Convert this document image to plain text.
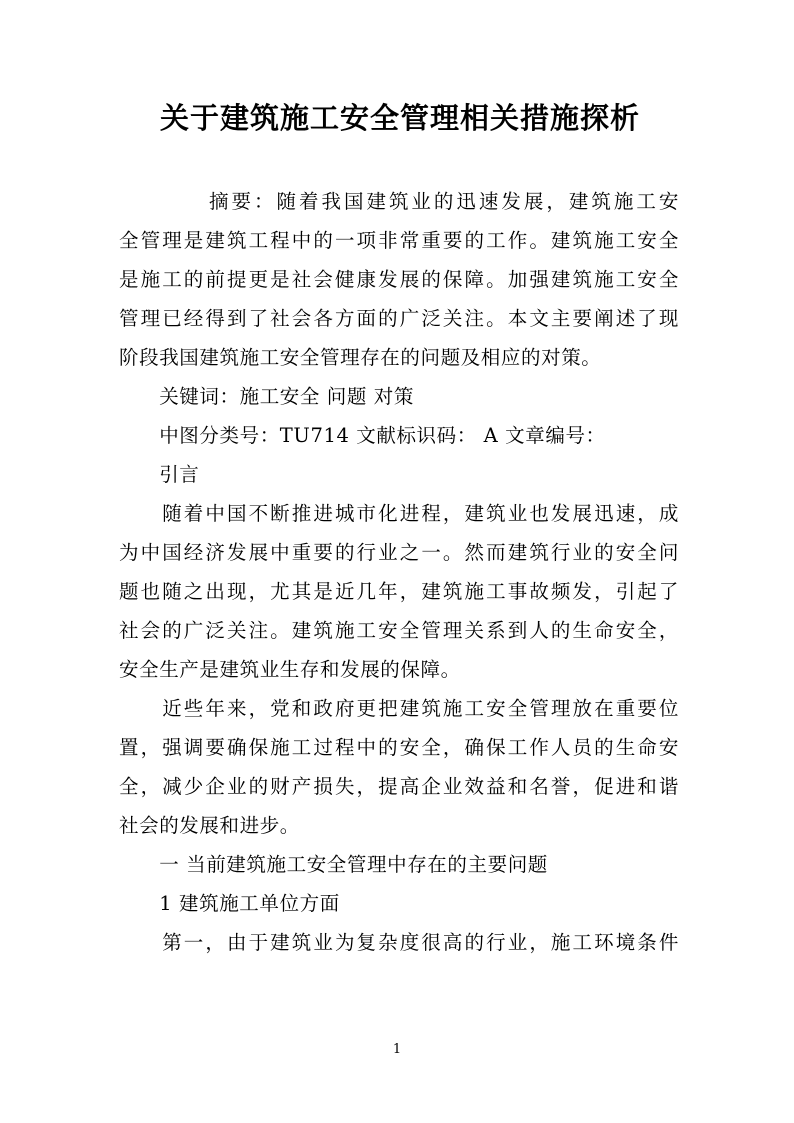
关于建筑施工安全管理相关措施探析
　　　　摘要：随着我国建筑业的迅速发展，建筑施工安
全管理是建筑工程中的一项非常重要的工作。建筑施工安全
是施工的前提更是社会健康发展的保障。加强建筑施工安全
管理已经得到了社会各方面的广泛关注。本文主要阐述了现
阶段我国建筑施工安全管理存在的问题及相应的对策。
　　关键词：施工安全 问题 对策
　　中图分类号：TU714 文献标识码： A 文章编号：
　　引言
　　随着中国不断推进城市化进程，建筑业也发展迅速，成
为中国经济发展中重要的行业之一。然而建筑行业的安全问
题也随之出现，尤其是近几年，建筑施工事故频发，引起了
社会的广泛关注。建筑施工安全管理关系到人的生命安全，
安全生产是建筑业生存和发展的保障。
　　近些年来，党和政府更把建筑施工安全管理放在重要位
置，强调要确保施工过程中的安全，确保工作人员的生命安
全，减少企业的财产损失，提高企业效益和名誉，促进和谐
社会的发展和进步。
　　一 当前建筑施工安全管理中存在的主要问题
　　1 建筑施工单位方面
　　第一，由于建筑业为复杂度很高的行业，施工环境条件
1
